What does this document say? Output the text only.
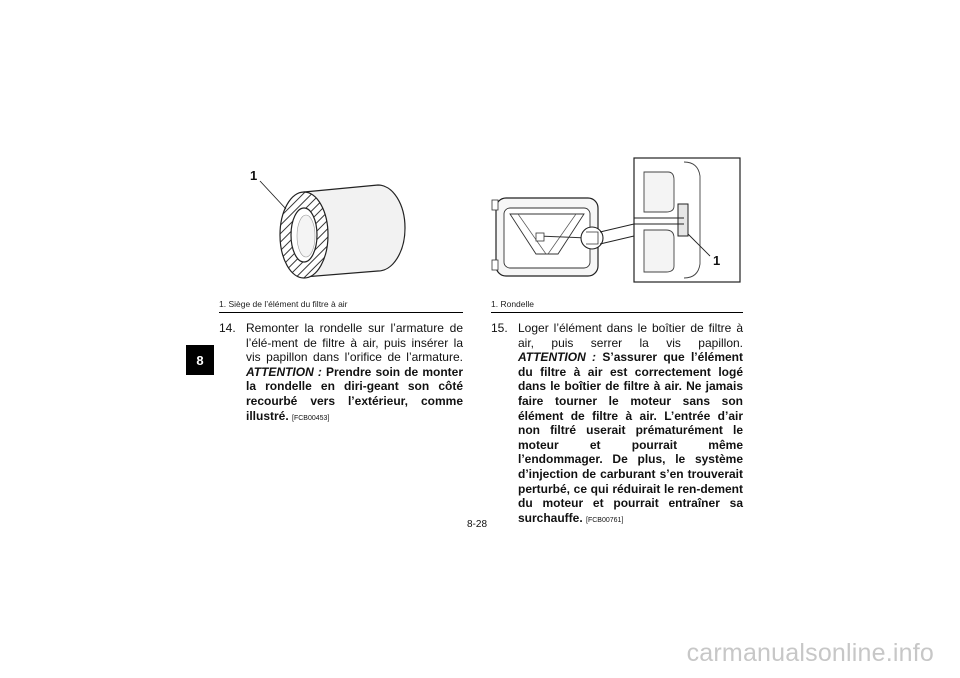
8
1
1
1. Siège de l’élément du filtre à air	1. Rondelle
14. Remonter la rondelle sur l’armature de l’élé-ment de filtre à air, puis insérer la vis papillon dans l’orifice de l’armature. ATTENTION : Prendre soin de monter la rondelle en diri-geant son côté recourbé vers l’extérieur, comme illustré. [FCB00453]
15. Loger l’élément dans le boîtier de filtre à air, puis serrer la vis papillon. ATTENTION : S’assurer que l’élément du filtre à air est correctement logé dans le boîtier de filtre à air. Ne jamais faire tourner le moteur sans son élément de filtre à air. L’entrée d’air non filtré userait prématurément le moteur et pourrait même l’endommager. De plus, le système d’injection de carburant s’en trouverait perturbé, ce qui réduirait le ren-dement du moteur et pourrait entraîner sa surchauffe. [FCB00761]
8-28
carmanualsonline.info
